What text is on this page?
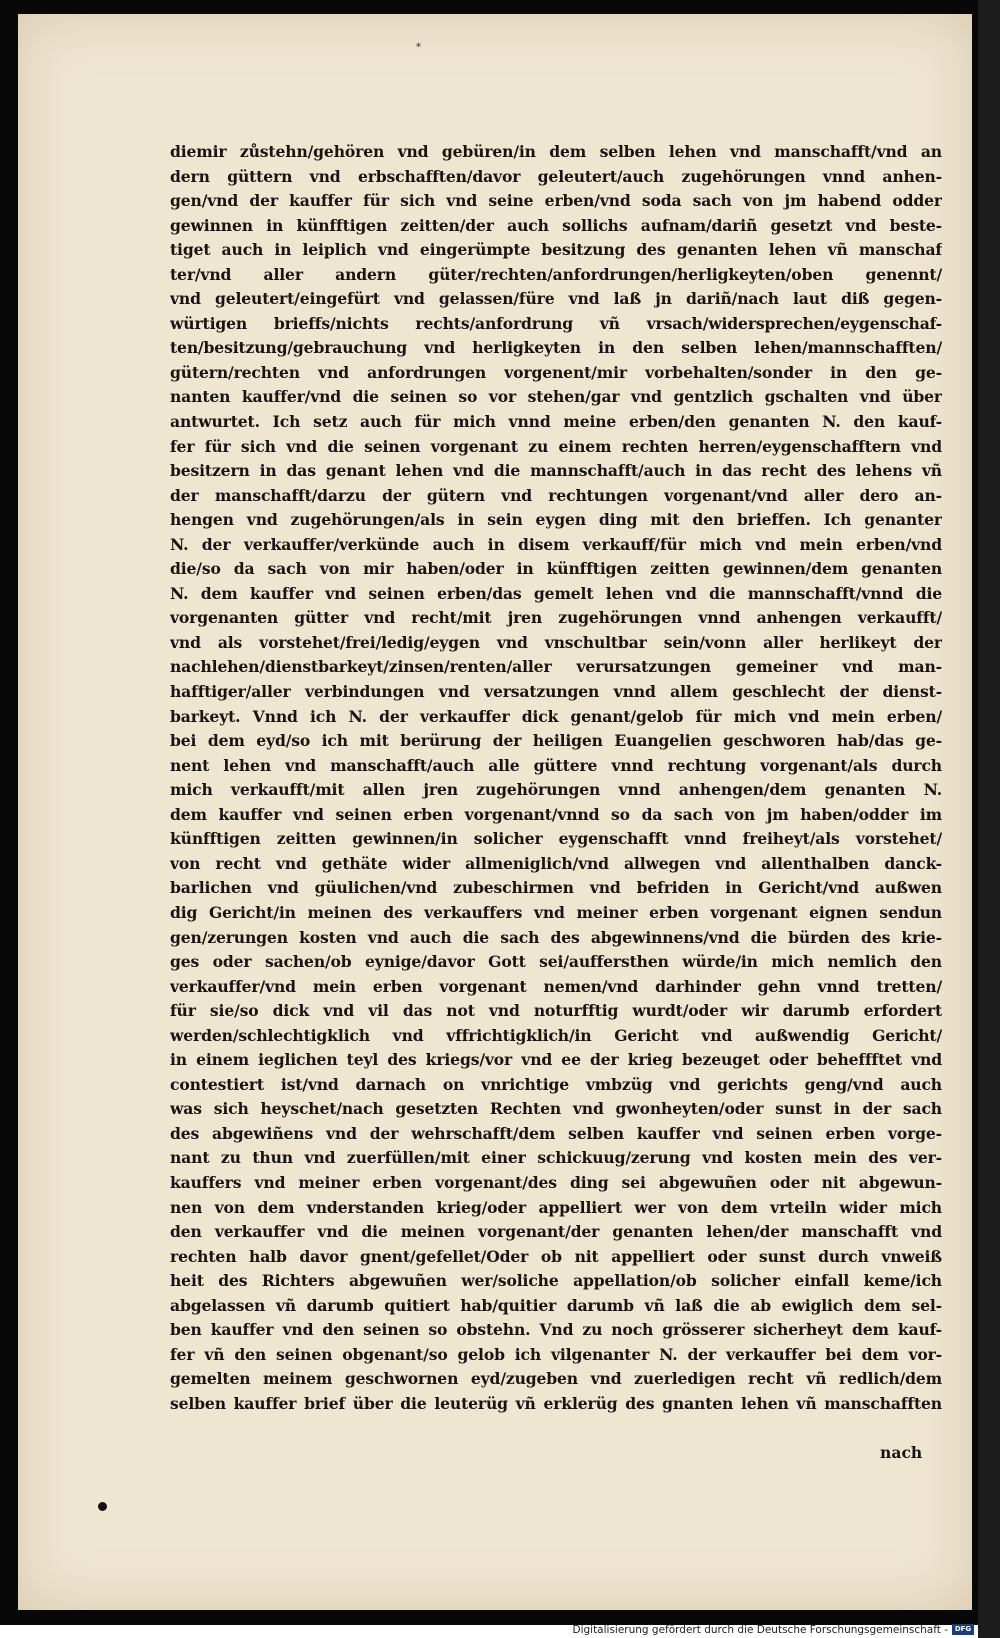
*
diemir zůstehn/gehören vnd gebüren/in dem selben lehen vnd manschafft/vnd an
dern güttern vnd erbschafften/davor geleutert/auch zugehörungen vnnd anhen-
gen/vnd der kauffer für sich vnd seine erben/vnd soda sach von jm habend odder
gewinnen in künfftigen zeitten/der auch sollichs aufnam/dariñ gesetzt vnd beste-
tiget auch in leiplich vnd eingerümpte besitzung des genanten lehen vñ manschaf
ter/vnd aller andern güter/rechten/anfordrungen/herligkeyten/oben genennt/
vnd geleutert/eingefürt vnd gelassen/füre vnd laß jn dariñ/nach laut diß gegen-
würtigen brieffs/nichts rechts/anfordrung vñ vrsach/widersprechen/eygenschaf-
ten/besitzung/gebrauchung vnd herligkeyten in den selben lehen/mannschafften/
gütern/rechten vnd anfordrungen vorgenent/mir vorbehalten/sonder in den ge-
nanten kauffer/vnd die seinen so vor stehen/gar vnd gentzlich gschalten vnd über
antwurtet. Ich setz auch für mich vnnd meine erben/den genanten N. den kauf-
fer für sich vnd die seinen vorgenant zu einem rechten herren/eygenschafftern vnd
besitzern in das genant lehen vnd die mannschafft/auch in das recht des lehens vñ
der manschafft/darzu der gütern vnd rechtungen vorgenant/vnd aller dero an-
hengen vnd zugehörungen/als in sein eygen ding mit den brieffen. Ich genanter
N. der verkauffer/verkünde auch in disem verkauff/für mich vnd mein erben/vnd
die/so da sach von mir haben/oder in künfftigen zeitten gewinnen/dem genanten
N. dem kauffer vnd seinen erben/das gemelt lehen vnd die mannschafft/vnnd die
vorgenanten gütter vnd recht/mit jren zugehörungen vnnd anhengen verkaufft/
vnd als vorstehet/frei/ledig/eygen vnd vnschultbar sein/vonn aller herlikeyt der
nachlehen/dienstbarkeyt/zinsen/renten/aller verursatzungen gemeiner vnd man-
hafftiger/aller verbindungen vnd versatzungen vnnd allem geschlecht der dienst-
barkeyt. Vnnd ich N. der verkauffer dick genant/gelob für mich vnd mein erben/
bei dem eyd/so ich mit berürung der heiligen Euangelien geschworen hab/das ge-
nent lehen vnd manschafft/auch alle güttere vnnd rechtung vorgenant/als durch
mich verkaufft/mit allen jren zugehörungen vnnd anhengen/dem genanten N.
dem kauffer vnd seinen erben vorgenant/vnnd so da sach von jm haben/odder im
künfftigen zeitten gewinnen/in solicher eygenschafft vnnd freiheyt/als vorstehet/
von recht vnd gethäte wider allmeniglich/vnd allwegen vnd allenthalben danck-
barlichen vnd güulichen/vnd zubeschirmen vnd befriden in Gericht/vnd außwen
dig Gericht/in meinen des verkauffers vnd meiner erben vorgenant eignen sendun
gen/zerungen kosten vnd auch die sach des abgewinnens/vnd die bürden des krie-
ges oder sachen/ob eynige/davor Gott sei/auffersthen würde/in mich nemlich den
verkauffer/vnd mein erben vorgenant nemen/vnd darhinder gehn vnnd tretten/
für sie/so dick vnd vil das not vnd noturfftig wurdt/oder wir darumb erfordert
werden/schlechtigklich vnd vffrichtigklich/in Gericht vnd außwendig Gericht/
in einem ieglichen teyl des kriegs/vor vnd ee der krieg bezeuget oder beheffftet vnd
contestiert ist/vnd darnach on vnrichtige vmbzüg vnd gerichts geng/vnd auch
was sich heyschet/nach gesetzten Rechten vnd gwonheyten/oder sunst in der sach
des abgewiñens vnd der wehrschafft/dem selben kauffer vnd seinen erben vorge-
nant zu thun vnd zuerfüllen/mit einer schickuug/zerung vnd kosten mein des ver-
kauffers vnd meiner erben vorgenant/des ding sei abgewuñen oder nit abgewun-
nen von dem vnderstanden krieg/oder appelliert wer von dem vrteiln wider mich
den verkauffer vnd die meinen vorgenant/der genanten lehen/der manschafft vnd
rechten halb davor gnent/gefellet/Oder ob nit appelliert oder sunst durch vnweiß
heit des Richters abgewuñen wer/soliche appellation/ob solicher einfall keme/ich
abgelassen vñ darumb quitiert hab/quitier darumb vñ laß die ab ewiglich dem sel-
ben kauffer vnd den seinen so obstehn. Vnd zu noch grösserer sicherheyt dem kauf-
fer vñ den seinen obgenant/so gelob ich vilgenanter N. der verkauffer bei dem vor-
gemelten meinem geschwornen eyd/zugeben vnd zuerledigen recht vñ redlich/dem
selben kauffer brief über die leuterüg vñ erklerüg des gnanten lehen vñ manschafften
nach
Digitalisierung gefördert durch die Deutsche Forschungsgemeinschaft - DFG
